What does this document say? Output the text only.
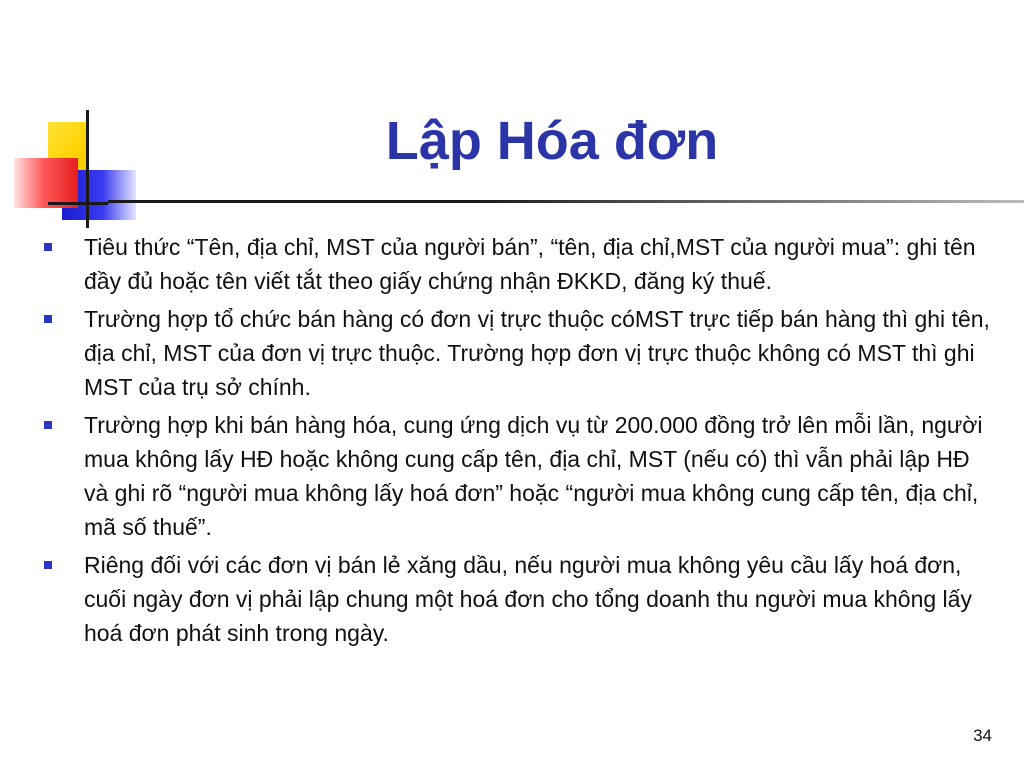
Lập Hóa đơn
Tiêu thức “Tên, địa chỉ, MST của người bán”, “tên, địa chỉ,MST của người mua”: ghi tên đầy đủ hoặc tên viết tắt theo giấy chứng nhận ĐKKD, đăng ký thuế.
Trường hợp tổ chức bán hàng có đơn vị trực thuộc cóMST trực tiếp bán hàng thì ghi tên, địa chỉ, MST của đơn vị trực thuộc. Trường hợp đơn vị trực thuộc không có MST thì ghi MST của trụ sở chính.
Trường hợp khi bán hàng hóa, cung ứng dịch vụ từ 200.000 đồng trở lên mỗi lần, người mua không lấy HĐ hoặc không cung cấp tên, địa chỉ, MST (nếu có) thì vẫn phải lập HĐ và ghi rõ “người mua không lấy hoá đơn” hoặc “người mua không cung cấp tên, địa chỉ, mã số thuế”.
Riêng đối với các đơn vị bán lẻ xăng dầu, nếu người mua không yêu cầu lấy hoá đơn, cuối ngày đơn vị phải lập chung một hoá đơn cho tổng doanh thu người mua không lấy hoá đơn phát sinh trong ngày.
34
